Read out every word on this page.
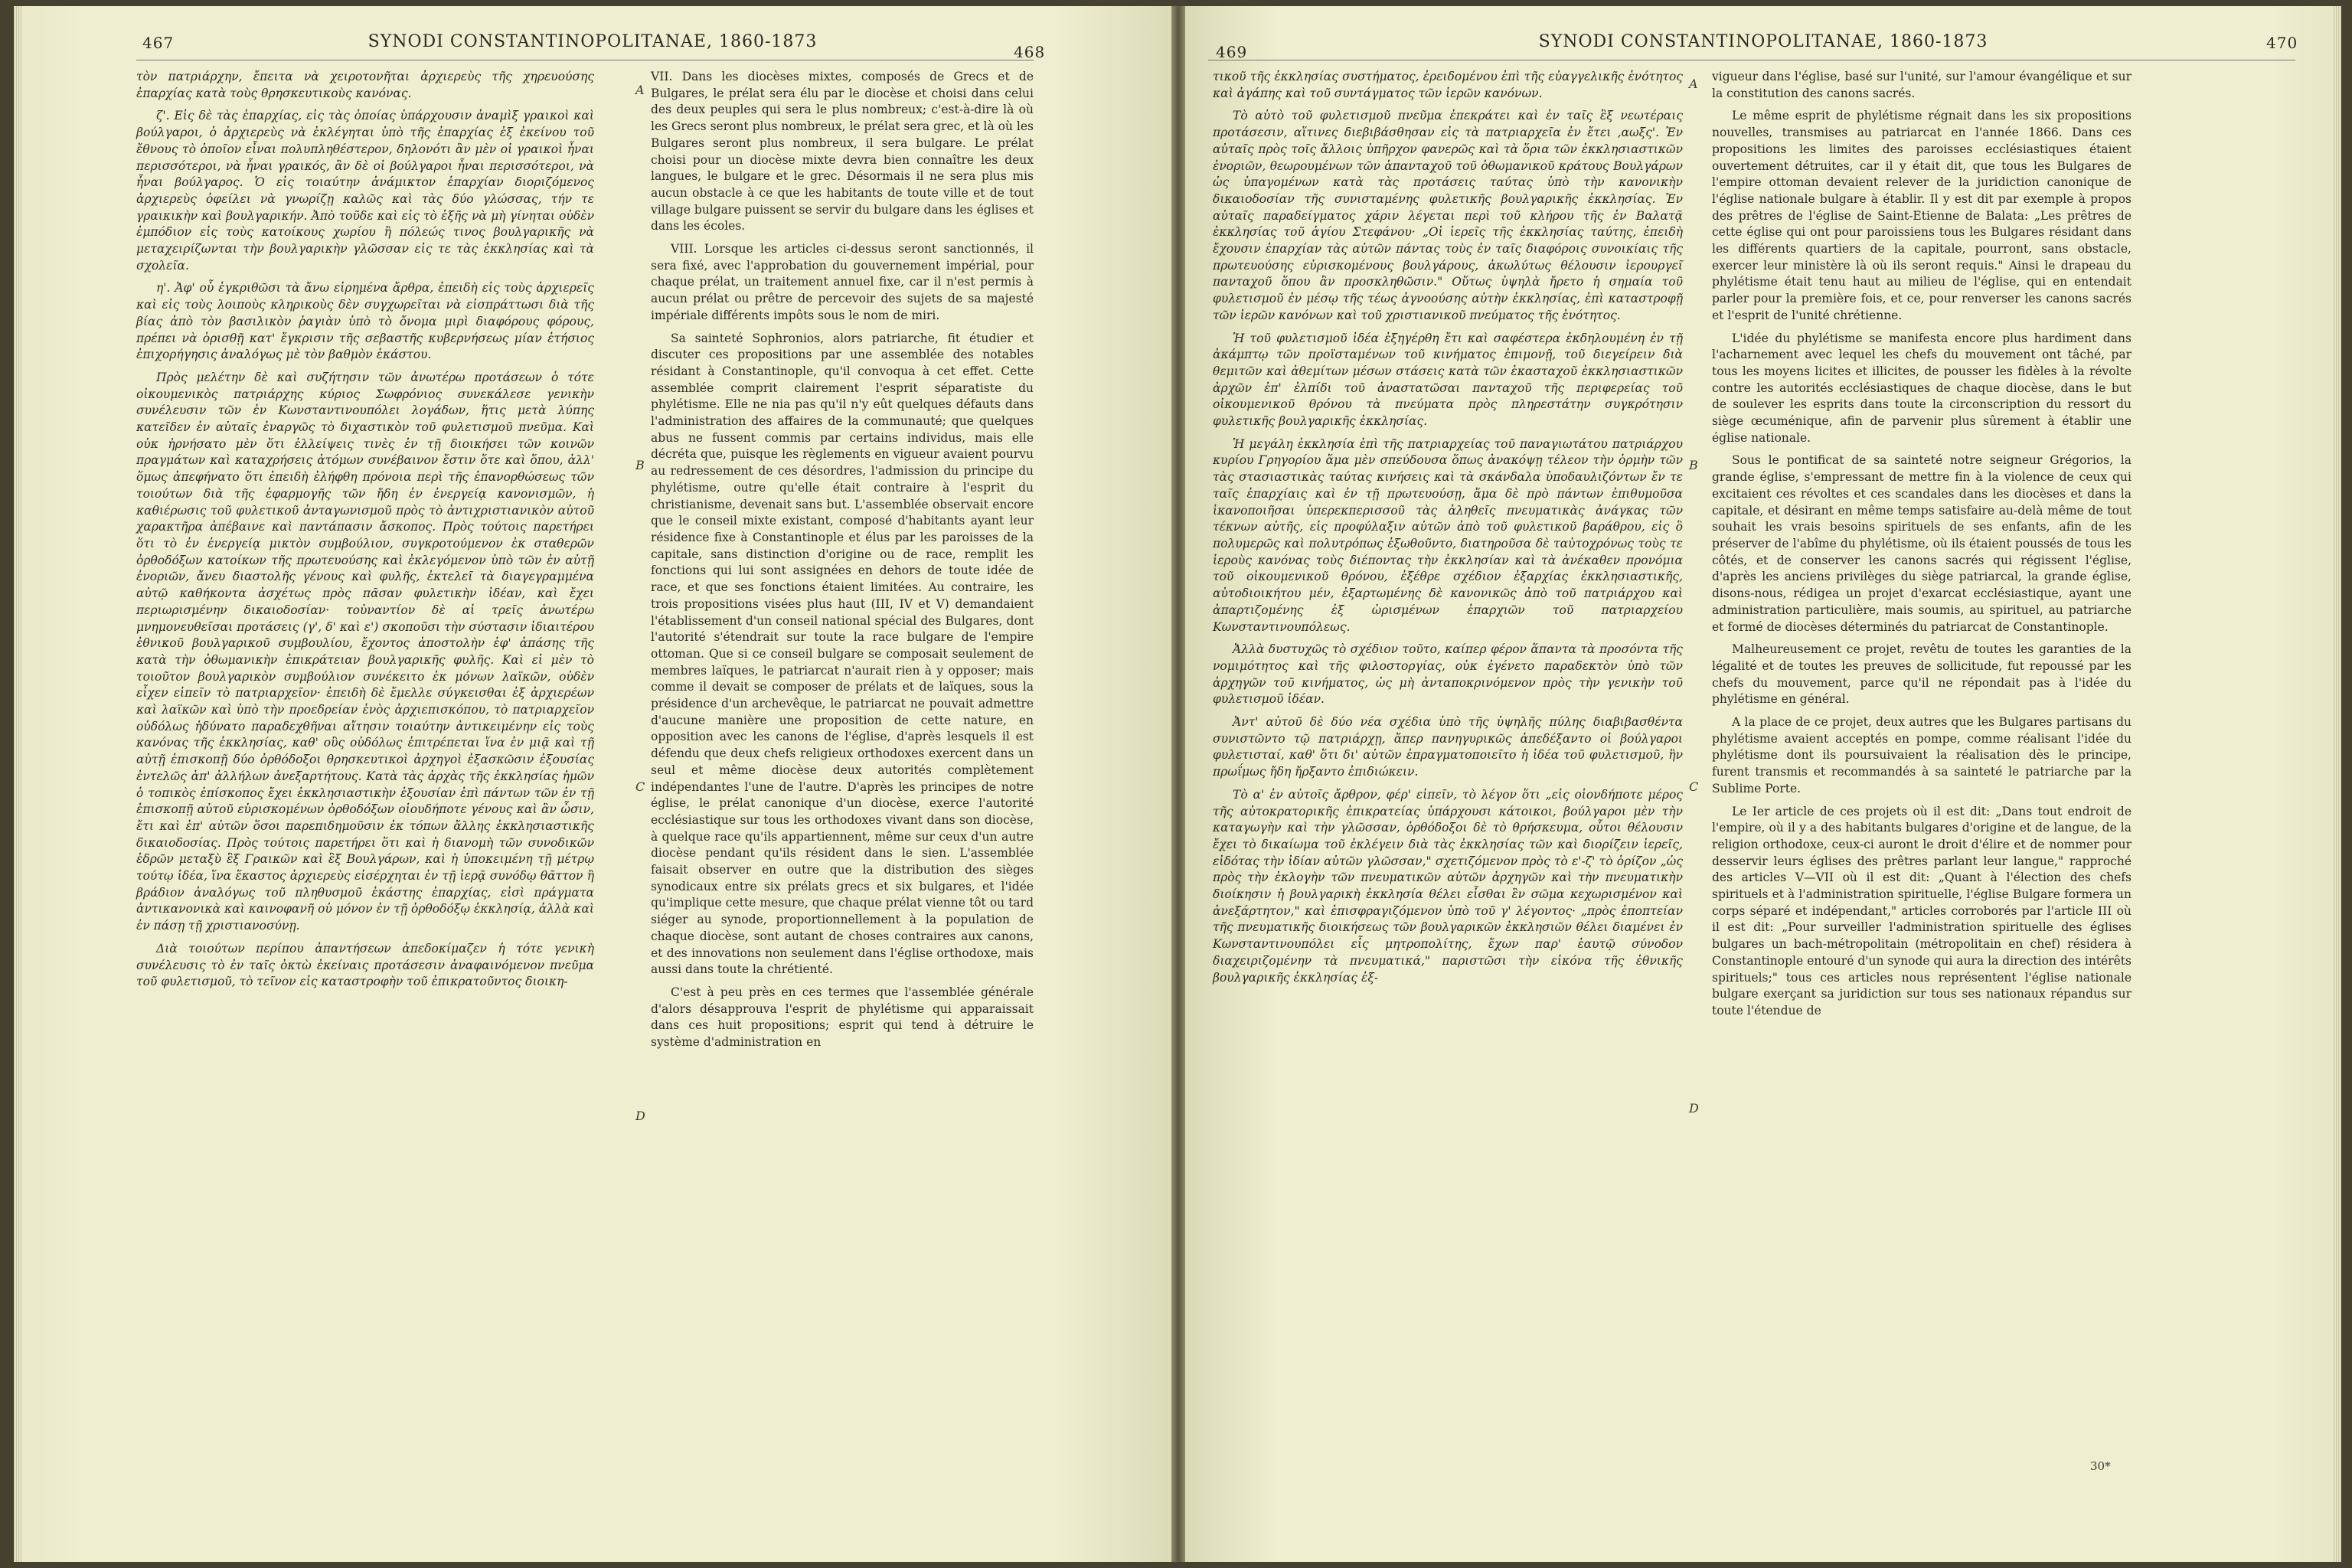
467	SYNODI CONSTANTINOPOLITANAE, 1860-1873
468

τὸν πατριάρχην, ἔπειτα νὰ χειροτονῆται ἀρχιερεὺς τῆς χηρευούσης ἐπαρχίας κατὰ τοὺς θρησκευτικοὺς κανόνας.

ζ'. Εἰς δὲ τὰς ἐπαρχίας, εἰς τὰς ὁποίας ὑπάρχουσιν ἀναμὶξ γραικοὶ καὶ βούλγαροι, ὁ ἀρχιερεὺς νὰ ἐκλέγηται ὑπὸ τῆς ἐπαρχίας ἐξ ἐκείνου τοῦ ἔθνους τὸ ὁποῖον εἶναι πολυπληθέστερον, δηλονότι ἂν μὲν οἱ γραικοὶ ἦναι περισσότεροι, νὰ ἦναι γραικός, ἂν δὲ οἱ βούλγαροι ἦναι περισσότεροι, νὰ ἦναι βούλγαρος. Ὁ εἰς τοιαύτην ἀνάμικτον ἐπαρχίαν διοριζόμενος ἀρχιερεὺς ὀφείλει νὰ γνωρίζῃ καλῶς καὶ τὰς δύο γλώσσας, τήν τε γραικικὴν καὶ βουλγαρικήν. Ἀπὸ τοῦδε καὶ εἰς τὸ ἑξῆς νὰ μὴ γίνηται οὐδὲν ἐμπόδιον εἰς τοὺς κατοίκους χωρίου ἢ πόλεώς τινος βουλγαρικῆς νὰ μεταχειρίζωνται τὴν βουλγαρικὴν γλῶσσαν εἰς τε τὰς ἐκκλησίας καὶ τὰ σχολεῖα.

η'. Ἀφ' οὗ ἐγκριθῶσι τὰ ἄνω εἰρημένα ἄρθρα, ἐπειδὴ εἰς τοὺς ἀρχιερεῖς καὶ εἰς τοὺς λοιποὺς κληρικοὺς δὲν συγχωρεῖται νὰ εἰσπράττωσι διὰ τῆς βίας ἀπὸ τὸν βασιλικὸν ῥαγιὰν ὑπὸ τὸ ὄνομα μιρὶ διαφόρους φόρους, πρέπει νὰ ὁρισθῇ κατ' ἔγκρισιν τῆς σεβαστῆς κυβερνήσεως μίαν ἐτήσιος ἐπιχορήγησις ἀναλόγως μὲ τὸν βαθμὸν ἑκάστου.

Πρὸς μελέτην δὲ καὶ συζήτησιν τῶν ἀνωτέρω προτάσεων ὁ τότε οἰκουμενικὸς πατριάρχης κύριος Σωφρόνιος συνεκάλεσε γενικὴν συνέλευσιν τῶν ἐν Κωνσταντινουπόλει λογάδων, ἥτις μετὰ λύπης κατεῖδεν ἐν αὐταῖς ἐναργῶς τὸ διχαστικὸν τοῦ φυλετισμοῦ πνεῦμα. Καὶ οὐκ ἠρνήσατο μὲν ὅτι ἐλλείψεις τινὲς ἐν τῇ διοικήσει τῶν κοινῶν πραγμάτων καὶ καταχρήσεις ἀτόμων συνέβαινον ἔστιν ὅτε καὶ ὅπου, ἀλλ' ὅμως ἀπεφήνατο ὅτι ἐπειδὴ ἐλήφθη πρόνοια περὶ τῆς ἐπανορθώσεως τῶν τοιούτων διὰ τῆς ἐφαρμογῆς τῶν ἤδη ἐν ἐνεργείᾳ κανονισμῶν, ἡ καθιέρωσις τοῦ φυλετικοῦ ἀνταγωνισμοῦ πρὸς τὸ ἀντιχριστιανικὸν αὐτοῦ χαρακτῆρα ἀπέβαινε καὶ παντάπασιν ἄσκοπος. Πρὸς τούτοις παρετήρει ὅτι τὸ ἐν ἐνεργείᾳ μικτὸν συμβούλιον, συγκροτούμενον ἐκ σταθερῶν ὀρθοδόξων κατοίκων τῆς πρωτευούσης καὶ ἐκλεγόμενον ὑπὸ τῶν ἐν αὐτῇ ἐνοριῶν, ἄνευ διαστολῆς γένους καὶ φυλῆς, ἐκτελεῖ τὰ διαγεγραμμένα αὐτῷ καθήκοντα ἀσχέτως πρὸς πᾶσαν φυλετικὴν ἰδέαν, καὶ ἔχει περιωρισμένην δικαιοδοσίαν· τοὐναντίον δὲ αἱ τρεῖς ἀνωτέρω μνημονευθεῖσαι προτάσεις (γ', δ' καὶ ε') σκοποῦσι τὴν σύστασιν ἰδιαιτέρου ἐθνικοῦ βουλγαρικοῦ συμβουλίου, ἔχοντος ἀποστολὴν ἐφ' ἁπάσης τῆς κατὰ τὴν ὀθωμανικὴν ἐπικράτειαν βουλγαρικῆς φυλῆς. Καὶ εἰ μὲν τὸ τοιοῦτον βουλγαρικὸν συμβούλιον συνέκειτο ἐκ μόνων λαϊκῶν, οὐδὲν εἶχεν εἰπεῖν τὸ πατριαρχεῖον· ἐπειδὴ δὲ ἔμελλε σύγκεισθαι ἐξ ἀρχιερέων καὶ λαϊκῶν καὶ ὑπὸ τὴν προεδρείαν ἑνὸς ἀρχιεπισκόπου, τὸ πατριαρχεῖον οὐδόλως ἠδύνατο παραδεχθῆναι αἴτησιν τοιαύτην ἀντικειμένην εἰς τοὺς κανόνας τῆς ἐκκλησίας, καθ' οὓς οὐδόλως ἐπιτρέπεται ἵνα ἐν μιᾷ καὶ τῇ αὐτῇ ἐπισκοπῇ δύο ὀρθόδοξοι θρησκευτικοὶ ἀρχηγοὶ ἐξασκῶσιν ἐξουσίας ἐντελῶς ἀπ' ἀλλήλων ἀνεξαρτήτους. Κατὰ τὰς ἀρχὰς τῆς ἐκκλησίας ἡμῶν ὁ τοπικὸς ἐπίσκοπος ἔχει ἐκκλησιαστικὴν ἐξουσίαν ἐπὶ πάντων τῶν ἐν τῇ ἐπισκοπῇ αὐτοῦ εὑρισκομένων ὀρθοδόξων οἱουδήποτε γένους καὶ ἂν ὦσιν, ἔτι καὶ ἐπ' αὐτῶν ὅσοι παρεπιδημοῦσιν ἐκ τόπων ἄλλης ἐκκλησιαστικῆς δικαιοδοσίας. Πρὸς τούτοις παρετήρει ὅτι καὶ ἡ διανομὴ τῶν συνοδικῶν ἑδρῶν μεταξὺ ἓξ Γραικῶν καὶ ἓξ Βουλγάρων, καὶ ἡ ὑποκειμένη τῇ μέτρῳ τούτῳ ἰδέα, ἵνα ἕκαστος ἀρχιερεὺς εἰσέρχηται ἐν τῇ ἱερᾷ συνόδῳ θᾶττον ἢ βράδιον ἀναλόγως τοῦ πληθυσμοῦ ἑκάστης ἐπαρχίας, εἰσὶ πράγματα ἀντικανονικὰ καὶ καινοφανῆ οὐ μόνον ἐν τῇ ὀρθοδόξῳ ἐκκλησίᾳ, ἀλλὰ καὶ ἐν πάσῃ τῇ χριστιανοσύνῃ.

Διὰ τοιούτων περίπου ἀπαντήσεων ἀπεδοκίμαζεν ἡ τότε γενικὴ συνέλευσις τὸ ἐν ταῖς ὀκτὼ ἐκείναις προτάσεσιν ἀναφαινόμενον πνεῦμα τοῦ φυλετισμοῦ, τὸ τεῖνον εἰς καταστροφὴν τοῦ ἐπικρατοῦντος διοικη-

A
B
C
D

VII. Dans les diocèses mixtes, composés de Grecs et de Bulgares, le prélat sera élu par le diocèse et choisi dans celui des deux peuples qui sera le plus nombreux; c'est-à-dire là où les Grecs seront plus nombreux, le prélat sera grec, et là où les Bulgares seront plus nombreux, il sera bulgare. Le prélat choisi pour un diocèse mixte devra bien connaître les deux langues, le bulgare et le grec. Désormais il ne sera plus mis aucun obstacle à ce que les habitants de toute ville et de tout village bulgare puissent se servir du bulgare dans les églises et dans les écoles.

VIII. Lorsque les articles ci-dessus seront sanctionnés, il sera fixé, avec l'approbation du gouvernement impérial, pour chaque prélat, un traitement annuel fixe, car il n'est permis à aucun prélat ou prêtre de percevoir des sujets de sa majesté impériale différents impôts sous le nom de miri.

Sa sainteté Sophronios, alors patriarche, fit étudier et discuter ces propositions par une assemblée des notables résidant à Constantinople, qu'il convoqua à cet effet. Cette assemblée comprit clairement l'esprit séparatiste du phylétisme. Elle ne nia pas qu'il n'y eût quelques défauts dans l'administration des affaires de la communauté; que quelques abus ne fussent commis par certains individus, mais elle décréta que, puisque les règlements en vigueur avaient pourvu au redressement de ces désordres, l'admission du principe du phylétisme, outre qu'elle était contraire à l'esprit du christianisme, devenait sans but. L'assemblée observait encore que le conseil mixte existant, composé d'habitants ayant leur résidence fixe à Constantinople et élus par les paroisses de la capitale, sans distinction d'origine ou de race, remplit les fonctions qui lui sont assignées en dehors de toute idée de race, et que ses fonctions étaient limitées. Au contraire, les trois propositions visées plus haut (III, IV et V) demandaient l'établissement d'un conseil national spécial des Bulgares, dont l'autorité s'étendrait sur toute la race bulgare de l'empire ottoman. Que si ce conseil bulgare se composait seulement de membres laïques, le patriarcat n'aurait rien à y opposer; mais comme il devait se composer de prélats et de laïques, sous la présidence d'un archevêque, le patriarcat ne pouvait admettre d'aucune manière une proposition de cette nature, en opposition avec les canons de l'église, d'après lesquels il est défendu que deux chefs religieux orthodoxes exercent dans un seul et même diocèse deux autorités complètement indépendantes l'une de l'autre. D'après les principes de notre église, le prélat canonique d'un diocèse, exerce l'autorité ecclésiastique sur tous les orthodoxes vivant dans son diocèse, à quelque race qu'ils appartiennent, même sur ceux d'un autre diocèse pendant qu'ils résident dans le sien. L'assemblée faisait observer en outre que la distribution des sièges synodicaux entre six prélats grecs et six bulgares, et l'idée qu'implique cette mesure, que chaque prélat vienne tôt ou tard siéger au synode, proportionnellement à la population de chaque diocèse, sont autant de choses contraires aux canons, et des innovations non seulement dans l'église orthodoxe, mais aussi dans toute la chrétienté.

C'est à peu près en ces termes que l'assemblée générale d'alors désapprouva l'esprit de phylétisme qui apparaissait dans ces huit propositions; esprit qui tend à détruire le système d'administration en

469
SYNODI CONSTANTINOPOLITANAE, 1860-1873	470

τικοῦ τῆς ἐκκλησίας συστήματος, ἐρειδομένου ἐπὶ τῆς εὐαγγελικῆς ἑνότητος καὶ ἀγάπης καὶ τοῦ συντάγματος τῶν ἱερῶν κανόνων.

Τὸ αὐτὸ τοῦ φυλετισμοῦ πνεῦμα ἐπεκράτει καὶ ἐν ταῖς ἓξ νεωτέραις προτάσεσιν, αἵτινες διεβιβάσθησαν εἰς τὰ πατριαρχεῖα ἐν ἔτει ‚αωξς'. Ἐν αὐταῖς πρὸς τοῖς ἄλλοις ὑπῆρχον φανερῶς καὶ τὰ ὅρια τῶν ἐκκλησιαστικῶν ἐνοριῶν, θεωρουμένων τῶν ἁπανταχοῦ τοῦ ὀθωμανικοῦ κράτους Βουλγάρων ὡς ὑπαγομένων κατὰ τὰς προτάσεις ταύτας ὑπὸ τὴν κανονικὴν δικαιοδοσίαν τῆς συνισταμένης φυλετικῆς βουλγαρικῆς ἐκκλησίας. Ἐν αὐταῖς παραδείγματος χάριν λέγεται περὶ τοῦ κλήρου τῆς ἐν Βαλατᾷ ἐκκλησίας τοῦ ἁγίου Στεφάνου· „Οἱ ἱερεῖς τῆς ἐκκλησίας ταύτης, ἐπειδὴ ἔχουσιν ἐπαρχίαν τὰς αὐτῶν πάντας τοὺς ἐν ταῖς διαφόροις συνοικίαις τῆς πρωτευούσης εὑρισκομένους βουλγάρους, ἀκωλύτως θέλουσιν ἱερουργεῖ πανταχοῦ ὅπου ἂν προσκληθῶσιν." Οὕτως ὑψηλὰ ἤρετο ἡ σημαία τοῦ φυλετισμοῦ ἐν μέσῳ τῆς τέως ἀγνοούσης αὐτὴν ἐκκλησίας, ἐπὶ καταστροφῇ τῶν ἱερῶν κανόνων καὶ τοῦ χριστιανικοῦ πνεύματος τῆς ἑνότητος.

Ἡ τοῦ φυλετισμοῦ ἰδέα ἐξηγέρθη ἔτι καὶ σαφέστερα ἐκδηλουμένη ἐν τῇ ἀκάμπτῳ τῶν προϊσταμένων τοῦ κινήματος ἐπιμονῇ, τοῦ διεγείρειν διὰ θεμιτῶν καὶ ἀθεμίτων μέσων στάσεις κατὰ τῶν ἑκασταχοῦ ἐκκλησιαστικῶν ἀρχῶν ἐπ' ἐλπίδι τοῦ ἀναστατῶσαι πανταχοῦ τῆς περιφερείας τοῦ οἰκουμενικοῦ θρόνου τὰ πνεύματα πρὸς πληρεστάτην συγκρότησιν φυλετικῆς βουλγαρικῆς ἐκκλησίας.

Ἡ μεγάλη ἐκκλησία ἐπὶ τῆς πατριαρχείας τοῦ παναγιωτάτου πατριάρχου κυρίου Γρηγορίου ἅμα μὲν σπεύδουσα ὅπως ἀνακόψῃ τέλεον τὴν ὁρμὴν τῶν τὰς στασιαστικὰς ταύτας κινήσεις καὶ τὰ σκάνδαλα ὑποδαυλιζόντων ἔν τε ταῖς ἐπαρχίαις καὶ ἐν τῇ πρωτευούσῃ, ἅμα δὲ πρὸ πάντων ἐπιθυμοῦσα ἱκανοποιῆσαι ὑπερεκπερισσοῦ τὰς ἀληθεῖς πνευματικὰς ἀνάγκας τῶν τέκνων αὐτῆς, εἰς προφύλαξιν αὐτῶν ἀπὸ τοῦ φυλετικοῦ βαράθρου, εἰς ὃ πολυμερῶς καὶ πολυτρόπως ἐξωθοῦντο, διατηροῦσα δὲ ταὐτοχρόνως τοὺς τε ἱεροὺς κανόνας τοὺς διέποντας τὴν ἐκκλησίαν καὶ τὰ ἀνέκαθεν προνόμια τοῦ οἰκουμενικοῦ θρόνου, ἐξέθρε σχέδιον ἐξαρχίας ἐκκλησιαστικῆς, αὐτοδιοικήτου μέν, ἐξαρτωμένης δὲ κανονικῶς ἀπὸ τοῦ πατριάρχου καὶ ἀπαρτιζομένης ἐξ ὡρισμένων ἐπαρχιῶν τοῦ πατριαρχείου Κωνσταντινουπόλεως.

Ἀλλὰ δυστυχῶς τὸ σχέδιον τοῦτο, καίπερ φέρον ἅπαντα τὰ προσόντα τῆς νομιμότητος καὶ τῆς φιλοστοργίας, οὐκ ἐγένετο παραδεκτὸν ὑπὸ τῶν ἀρχηγῶν τοῦ κινήματος, ὡς μὴ ἀνταποκρινόμενον πρὸς τὴν γενικὴν τοῦ φυλετισμοῦ ἰδέαν.

Ἀντ' αὐτοῦ δὲ δύο νέα σχέδια ὑπὸ τῆς ὑψηλῆς πύλης διαβιβασθέντα συνιστῶντο τῷ πατριάρχῃ, ἅπερ πανηγυρικῶς ἀπεδέξαντο οἱ βούλγαροι φυλετισταί, καθ' ὅτι δι' αὐτῶν ἐπραγματοποιεῖτο ἡ ἰδέα τοῦ φυλετισμοῦ, ἣν πρωΐμως ἤδη ἤρξαντο ἐπιδιώκειν.

Τὸ α' ἐν αὐτοῖς ἄρθρον, φέρ' εἰπεῖν, τὸ λέγον ὅτι „εἰς οἱονδήποτε μέρος τῆς αὐτοκρατορικῆς ἐπικρατείας ὑπάρχουσι κάτοικοι, βούλγαροι μὲν τὴν καταγωγὴν καὶ τὴν γλῶσσαν, ὀρθόδοξοι δὲ τὸ θρήσκευμα, οὗτοι θέλουσιν ἔχει τὸ δικαίωμα τοῦ ἐκλέγειν διὰ τὰς ἐκκλησίας τῶν καὶ διορίζειν ἱερεῖς, εἰδότας τὴν ἰδίαν αὐτῶν γλῶσσαν," σχετιζόμενον πρὸς τὸ ε'-ζ' τὸ ὁρίζον „ὡς πρὸς τὴν ἐκλογὴν τῶν πνευματικῶν αὐτῶν ἀρχηγῶν καὶ τὴν πνευματικὴν διοίκησιν ἡ βουλγαρικὴ ἐκκλησία θέλει εἶσθαι ἓν σῶμα κεχωρισμένον καὶ ἀνεξάρτητον," καὶ ἐπισφραγιζόμενον ὑπὸ τοῦ γ' λέγοντος· „πρὸς ἐποπτείαν τῆς πνευματικῆς διοικήσεως τῶν βουλγαρικῶν ἐκκλησιῶν θέλει διαμένει ἐν Κωνσταντινουπόλει εἷς μητροπολίτης, ἔχων παρ' ἑαυτῷ σύνοδον διαχειριζομένην τὰ πνευματικά," παριστῶσι τὴν εἰκόνα τῆς ἐθνικῆς βουλγαρικῆς ἐκκλησίας ἐξ-

A
B
C
D

vigueur dans l'église, basé sur l'unité, sur l'amour évangélique et sur la constitution des canons sacrés.

Le même esprit de phylétisme régnait dans les six propositions nouvelles, transmises au patriarcat en l'année 1866. Dans ces propositions les limites des paroisses ecclésiastiques étaient ouvertement détruites, car il y était dit, que tous les Bulgares de l'empire ottoman devaient relever de la juridiction canonique de l'église nationale bulgare à établir. Il y est dit par exemple à propos des prêtres de l'église de Saint-Etienne de Balata: „Les prêtres de cette église qui ont pour paroissiens tous les Bulgares résidant dans les différents quartiers de la capitale, pourront, sans obstacle, exercer leur ministère là où ils seront requis." Ainsi le drapeau du phylétisme était tenu haut au milieu de l'église, qui en entendait parler pour la première fois, et ce, pour renverser les canons sacrés et l'esprit de l'unité chrétienne.

L'idée du phylétisme se manifesta encore plus hardiment dans l'acharnement avec lequel les chefs du mouvement ont tâché, par tous les moyens licites et illicites, de pousser les fidèles à la révolte contre les autorités ecclésiastiques de chaque diocèse, dans le but de soulever les esprits dans toute la circonscription du ressort du siège œcuménique, afin de parvenir plus sûrement à établir une église nationale.

Sous le pontificat de sa sainteté notre seigneur Grégorios, la grande église, s'empressant de mettre fin à la violence de ceux qui excitaient ces révoltes et ces scandales dans les diocèses et dans la capitale, et désirant en même temps satisfaire au-delà même de tout souhait les vrais besoins spirituels de ses enfants, afin de les préserver de l'abîme du phylétisme, où ils étaient poussés de tous les côtés, et de conserver les canons sacrés qui régissent l'église, d'après les anciens privilèges du siège patriarcal, la grande église, disons-nous, rédigea un projet d'exarcat ecclésiastique, ayant une administration particulière, mais soumis, au spirituel, au patriarche et formé de diocèses déterminés du patriarcat de Constantinople.

Malheureusement ce projet, revêtu de toutes les garanties de la légalité et de toutes les preuves de sollicitude, fut repoussé par les chefs du mouvement, parce qu'il ne répondait pas à l'idée du phylétisme en général.

A la place de ce projet, deux autres que les Bulgares partisans du phylétisme avaient acceptés en pompe, comme réalisant l'idée du phylétisme dont ils poursuivaient la réalisation dès le principe, furent transmis et recommandés à sa sainteté le patriarche par la Sublime Porte.

Le Ier article de ces projets où il est dit: „Dans tout endroit de l'empire, où il y a des habitants bulgares d'origine et de langue, de la religion orthodoxe, ceux-ci auront le droit d'élire et de nommer pour desservir leurs églises des prêtres parlant leur langue," rapproché des articles V—VII où il est dit: „Quant à l'élection des chefs spirituels et à l'administration spirituelle, l'église Bulgare formera un corps séparé et indépendant," articles corroborés par l'article III où il est dit: „Pour surveiller l'administration spirituelle des églises bulgares un bach-métropolitain (métropolitain en chef) résidera à Constantinople entouré d'un synode qui aura la direction des intérêts spirituels;" tous ces articles nous représentent l'église nationale bulgare exerçant sa juridiction sur tous ses nationaux répandus sur toute l'étendue de

30*
